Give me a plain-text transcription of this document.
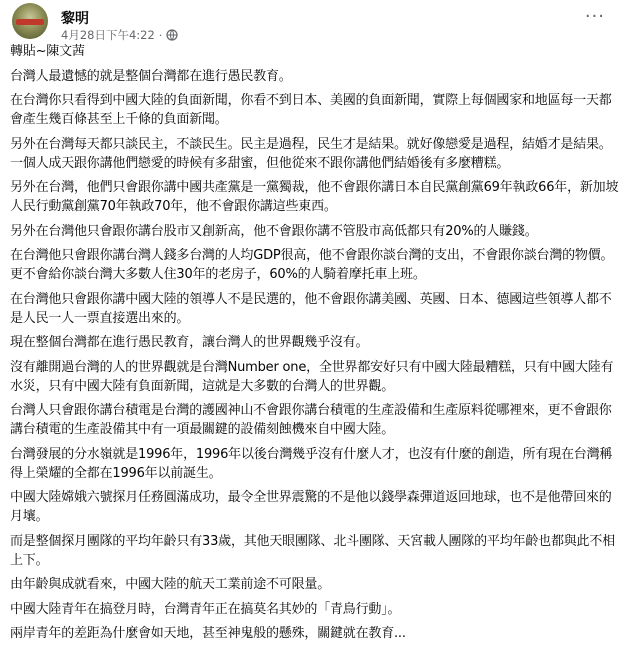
黎明
4月28日下午4:22 ·
···

轉貼~陳文茜

台灣人最遺憾的就是整個台灣都在進行愚民教育。

在台灣你只看得到中國大陸的負面新聞，你看不到日本、美國的負面新聞，實際上每個國家和地區每一天都會產生幾百條甚至上千條的負面新聞。

另外在台灣每天都只談民主，不談民生。民主是過程，民生才是結果。就好像戀愛是過程，結婚才是結果。一個人成天跟你講他們戀愛的時候有多甜蜜，但他從來不跟你講他們結婚後有多麼糟糕。

另外在台灣，他們只會跟你講中國共產黨是一黨獨裁，他不會跟你講日本自民黨創黨69年執政66年，新加坡人民行動黨創黨70年執政70年，他不會跟你講這些東西。

另外在台灣他只會跟你講台股市又創新高，他不會跟你講不管股市高低都只有20%的人賺錢。

在台灣他只會跟你講台灣人錢多台灣的人均GDP很高，他不會跟你談台灣的支出，不會跟你談台灣的物價。更不會給你談台灣大多數人住30年的老房子，60%的人騎着摩托車上班。

在台灣他只會跟你講中國大陸的領導人不是民選的，他不會跟你講美國、英國、日本、德國這些領導人都不是人民一人一票直接選出來的。

現在整個台灣都在進行愚民教育，讓台灣人的世界觀幾乎沒有。

沒有離開過台灣的人的世界觀就是台灣Number one，全世界都安好只有中國大陸最糟糕，只有中國大陸有水災，只有中國大陸有負面新聞，這就是大多數的台灣人的世界觀。

台灣人只會跟你講台積電是台灣的護國神山不會跟你講台積電的生產設備和生產原料從哪裡來，更不會跟你講台積電的生產設備其中有一項最關鍵的設備刻蝕機來自中國大陸。

台灣發展的分水嶺就是1996年，1996年以後台灣幾乎沒有什麼人才，也沒有什麼的創造，所有現在台灣稱得上榮耀的全都在1996年以前誕生。

中國大陸嫦娥六號探月任務圓滿成功，最令全世界震驚的不是他以錢學森彈道返回地球，也不是他帶回來的月壤。

而是整個探月團隊的平均年齡只有33歲，其他天眼團隊、北斗團隊、天宮載人團隊的平均年齡也都與此不相上下。

由年齡與成就看來，中國大陸的航天工業前途不可限量。

中國大陸青年在搞登月時，台灣青年正在搞莫名其妙的「青鳥行動」。

兩岸青年的差距為什麼會如天地，甚至神鬼般的懸殊，關鍵就在教育...
